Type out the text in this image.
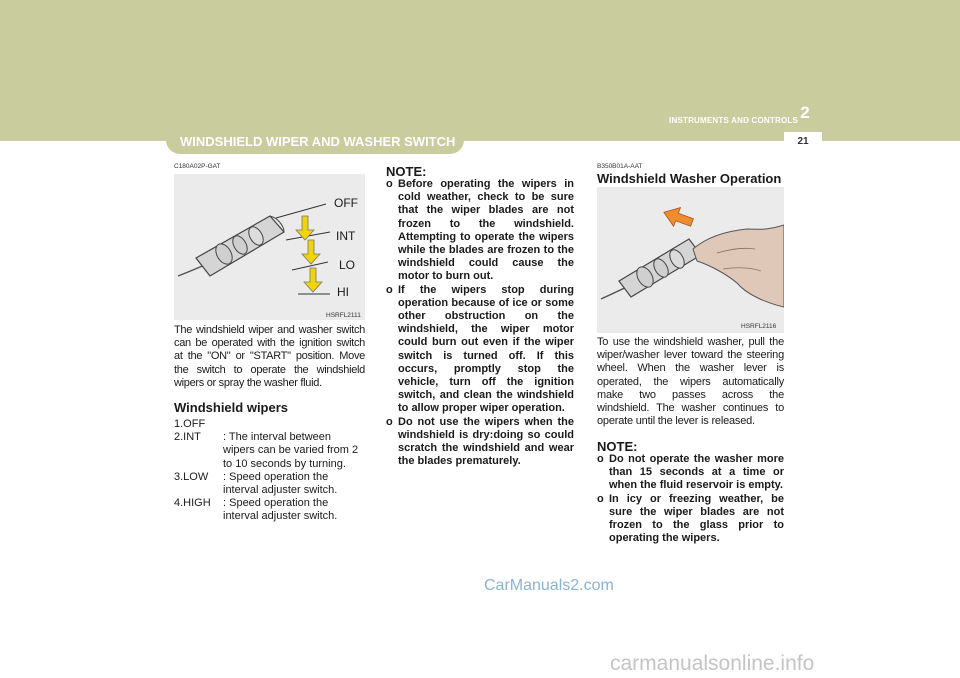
2
INSTRUMENTS AND CONTROLS
WINDSHIELD WIPER AND WASHER SWITCH	21
C180A02P-GAT
OFF
INT
LO
HI
HSRFL2111
The windshield wiper and washer switch can be operated with the ignition switch at the "ON" or "START" position. Move the switch to operate the windshield wipers or spray the washer fluid.
Windshield wipers
1.OFF
2.INT	: The interval between wipers can be varied from 2 to 10 seconds by turning.
3.LOW	: Speed operation the interval adjuster switch.
4.HIGH	: Speed operation the interval adjuster switch.
NOTE:
o Before operating the wipers in cold weather, check to be sure that the wiper blades are not frozen to the windshield. Attempting to operate the wipers while the blades are frozen to the windshield could cause the motor to burn out.
o If the wipers stop during operation because of ice or some other obstruction on the windshield, the wiper motor could burn out even if the wiper switch is turned off. If this occurs, promptly stop the vehicle, turn off the ignition switch, and clean the windshield to allow proper wiper operation.
o Do not use the wipers when the windshield is dry:doing so could scratch the windshield and wear the blades prematurely.
B350B01A-AAT
Windshield Washer Operation
HSRFL2116
To use the windshield washer, pull the wiper/washer lever toward the steering wheel. When the washer lever is operated, the wipers automatically make two passes across the windshield. The washer continues to operate until the lever is released.
NOTE:
o Do not operate the washer more than 15 seconds at a time or when the fluid reservoir is empty.
o In icy or freezing weather, be sure the wiper blades are not frozen to the glass prior to operating the wipers.
CarManuals2.com
carmanualsonline.info
